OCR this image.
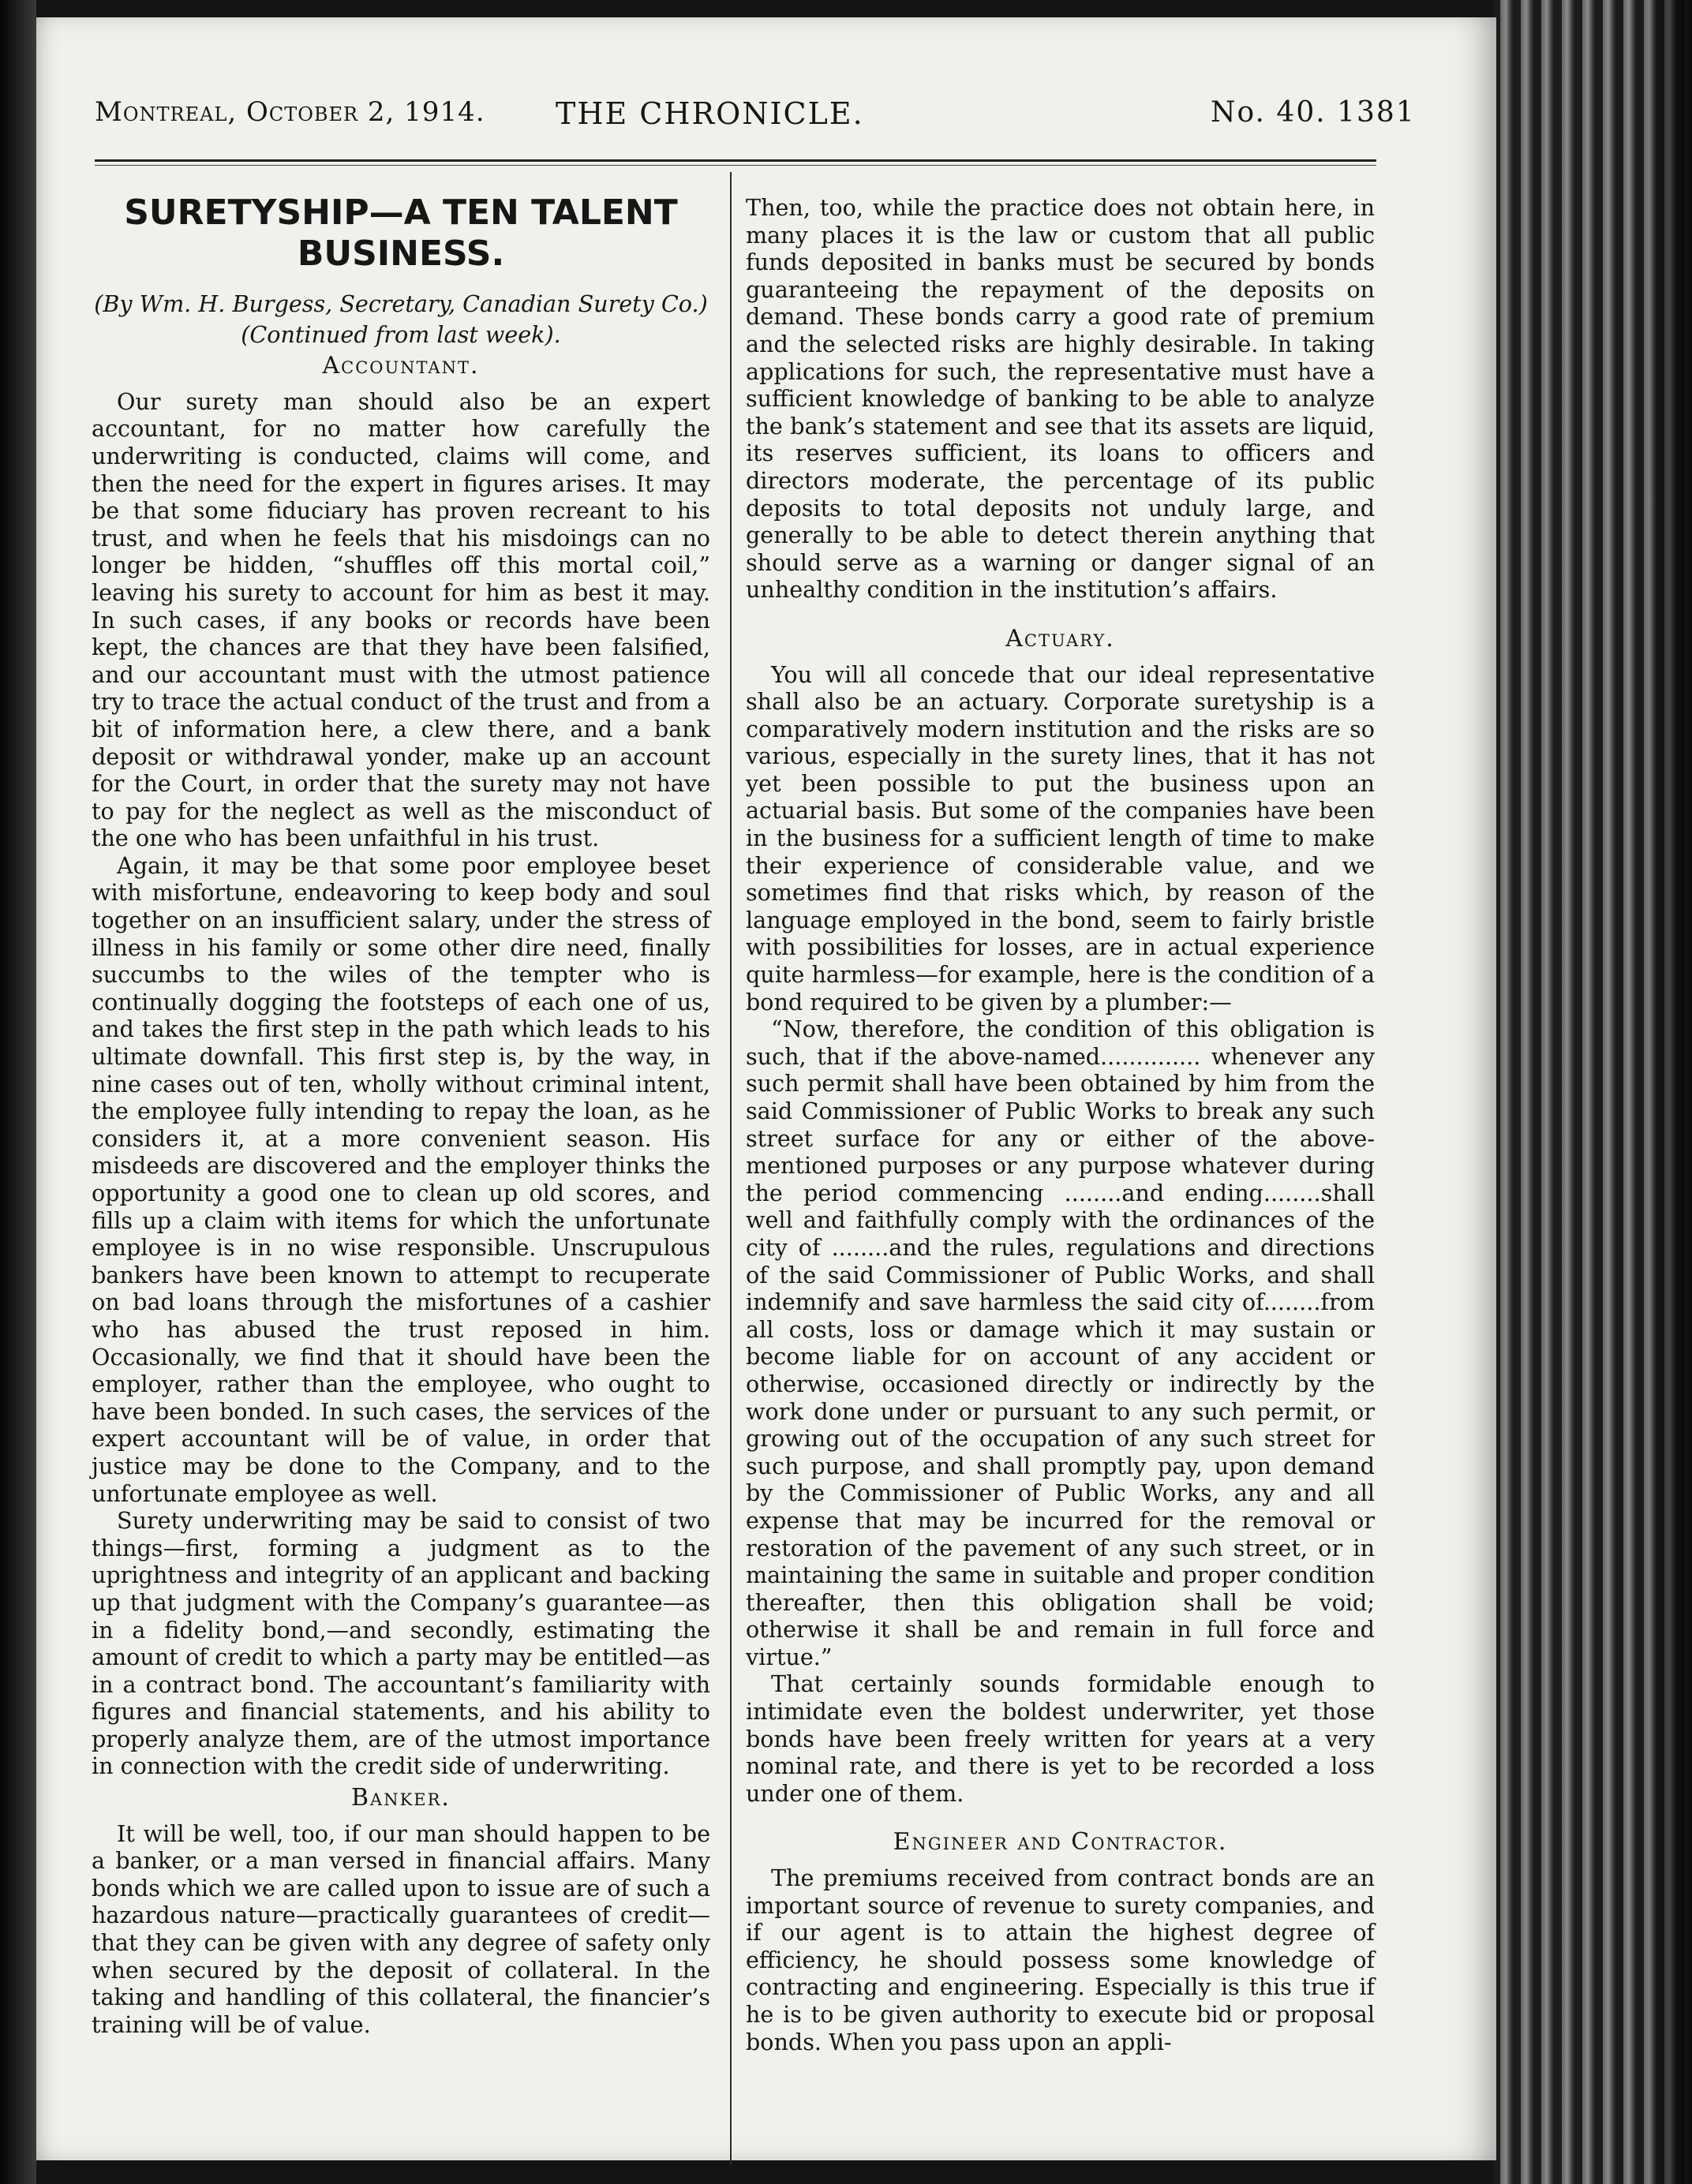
Montreal, October 2, 1914. THE CHRONICLE.	No. 40. 1381
SURETYSHIP—A TEN TALENT BUSINESS.

(By Wm. H. Burgess, Secretary, Canadian Surety Co.)

(Continued from last week).

Accountant.

Our surety man should also be an expert accountant, for no matter how carefully the underwriting is conducted, claims will come, and then the need for the expert in figures arises. It may be that some fiduciary has proven recreant to his trust, and when he feels that his misdoings can no longer be hidden, “shuffles off this mortal coil,” leaving his surety to account for him as best it may. In such cases, if any books or records have been kept, the chances are that they have been falsified, and our accountant must with the utmost patience try to trace the actual conduct of the trust and from a bit of information here, a clew there, and a bank deposit or withdrawal yonder, make up an account for the Court, in order that the surety may not have to pay for the neglect as well as the misconduct of the one who has been unfaithful in his trust.

Again, it may be that some poor employee beset with misfortune, endeavoring to keep body and soul together on an insufficient salary, under the stress of illness in his family or some other dire need, finally succumbs to the wiles of the tempter who is continually dogging the footsteps of each one of us, and takes the first step in the path which leads to his ultimate downfall. This first step is, by the way, in nine cases out of ten, wholly without criminal intent, the employee fully intending to repay the loan, as he considers it, at a more convenient season. His misdeeds are discovered and the employer thinks the opportunity a good one to clean up old scores, and fills up a claim with items for which the unfortunate employee is in no wise responsible. Unscrupulous bankers have been known to attempt to recuperate on bad loans through the misfortunes of a cashier who has abused the trust reposed in him. Occasionally, we find that it should have been the employer, rather than the employee, who ought to have been bonded. In such cases, the services of the expert accountant will be of value, in order that justice may be done to the Company, and to the unfortunate employee as well.

Surety underwriting may be said to consist of two things—first, forming a judgment as to the uprightness and integrity of an applicant and backing up that judgment with the Company’s guarantee—as in a fidelity bond,—and secondly, estimating the amount of credit to which a party may be entitled—as in a contract bond. The accountant’s familiarity with figures and financial statements, and his ability to properly analyze them, are of the utmost importance in connection with the credit side of underwriting.

Banker.

It will be well, too, if our man should happen to be a banker, or a man versed in financial affairs. Many bonds which we are called upon to issue are of such a hazardous nature—practically guarantees of credit—that they can be given with any degree of safety only when secured by the deposit of collateral. In the taking and handling of this collateral, the financier’s training will be of value.

Then, too, while the practice does not obtain here, in many places it is the law or custom that all public funds deposited in banks must be secured by bonds guaranteeing the repayment of the deposits on demand. These bonds carry a good rate of premium and the selected risks are highly desirable. In taking applications for such, the representative must have a sufficient knowledge of banking to be able to analyze the bank’s statement and see that its assets are liquid, its reserves sufficient, its loans to officers and directors moderate, the percentage of its public deposits to total deposits not unduly large, and generally to be able to detect therein anything that should serve as a warning or danger signal of an unhealthy condition in the institution’s affairs.

Actuary.

You will all concede that our ideal representative shall also be an actuary. Corporate suretyship is a comparatively modern institution and the risks are so various, especially in the surety lines, that it has not yet been possible to put the business upon an actuarial basis. But some of the companies have been in the business for a sufficient length of time to make their experience of considerable value, and we sometimes find that risks which, by reason of the language employed in the bond, seem to fairly bristle with possibilities for losses, are in actual experience quite harmless—for example, here is the condition of a bond required to be given by a plumber:—

“Now, therefore, the condition of this obligation is such, that if the above-named.............. whenever any such permit shall have been obtained by him from the said Commissioner of Public Works to break any such street surface for any or either of the above-mentioned purposes or any purpose whatever during the period commencing ........and ending........shall well and faithfully comply with the ordinances of the city of ........and the rules, regulations and directions of the said Commissioner of Public Works, and shall indemnify and save harmless the said city of........from all costs, loss or damage which it may sustain or become liable for on account of any accident or otherwise, occasioned directly or indirectly by the work done under or pursuant to any such permit, or growing out of the occupation of any such street for such purpose, and shall promptly pay, upon demand by the Commissioner of Public Works, any and all expense that may be incurred for the removal or restoration of the pavement of any such street, or in maintaining the same in suitable and proper condition thereafter, then this obligation shall be void; otherwise it shall be and remain in full force and virtue.”

That certainly sounds formidable enough to intimidate even the boldest underwriter, yet those bonds have been freely written for years at a very nominal rate, and there is yet to be recorded a loss under one of them.

Engineer and Contractor.

The premiums received from contract bonds are an important source of revenue to surety companies, and if our agent is to attain the highest degree of efficiency, he should possess some knowledge of contracting and engineering. Especially is this true if he is to be given authority to execute bid or proposal bonds. When you pass upon an appli-
